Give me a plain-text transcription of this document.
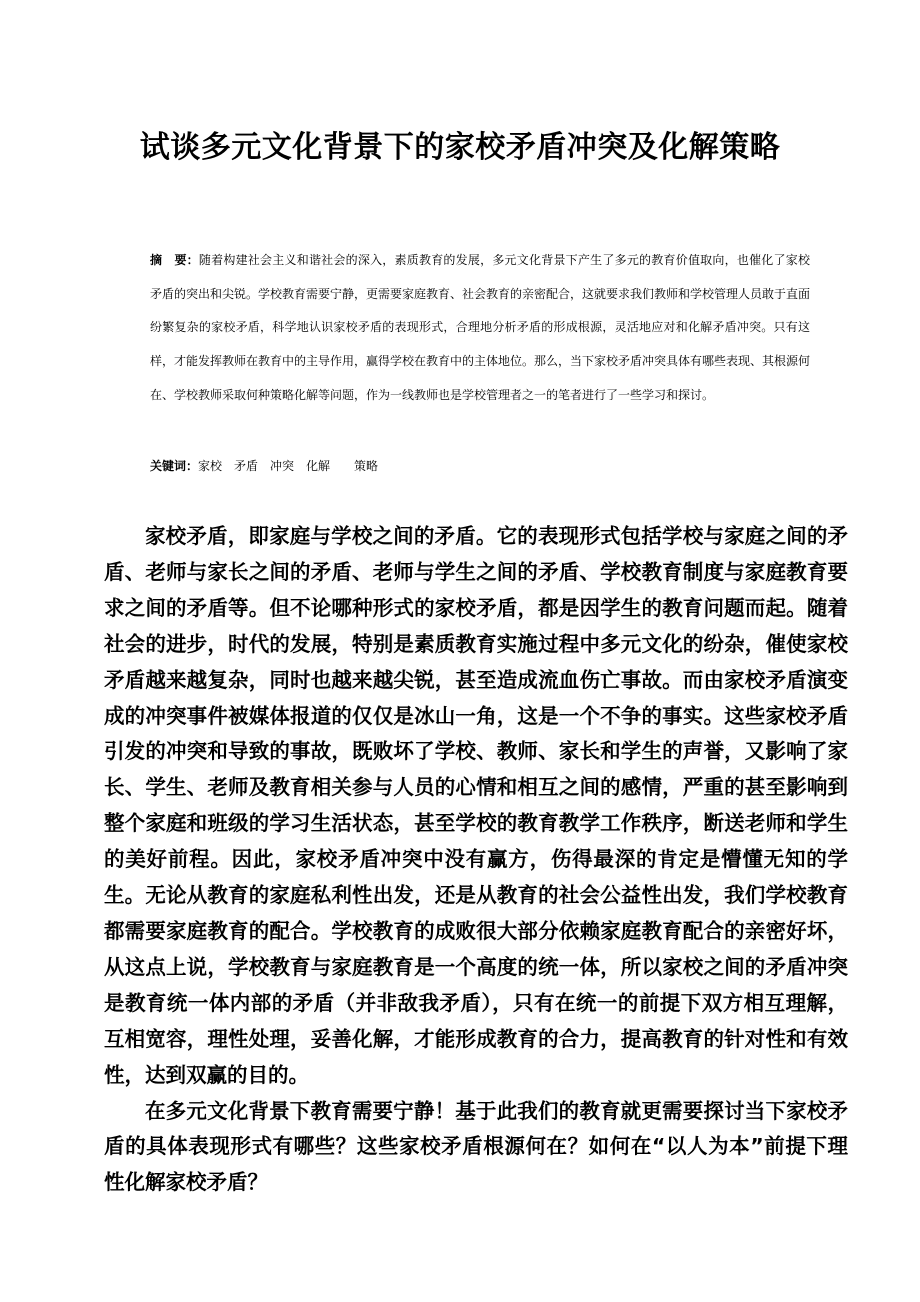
试谈多元文化背景下的家校矛盾冲突及化解策略

摘　要：随着构建社会主义和谐社会的深入，素质教育的发展，多元文化背景下产生了多元的教育价值取向，也催化了家校矛盾的突出和尖锐。学校教育需要宁静，更需要家庭教育、社会教育的亲密配合，这就要求我们教师和学校管理人员敢于直面纷繁复杂的家校矛盾，科学地认识家校矛盾的表现形式，合理地分析矛盾的形成根源，灵活地应对和化解矛盾冲突。只有这样，才能发挥教师在教育中的主导作用，赢得学校在教育中的主体地位。那么，当下家校矛盾冲突具体有哪些表现、其根源何在、学校教师采取何种策略化解等问题，作为一线教师也是学校管理者之一的笔者进行了一些学习和探讨。

关键词：家校　矛盾　冲突　化解　　策略

家校矛盾，即家庭与学校之间的矛盾。它的表现形式包括学校与家庭之间的矛盾、老师与家长之间的矛盾、老师与学生之间的矛盾、学校教育制度与家庭教育要求之间的矛盾等。但不论哪种形式的家校矛盾，都是因学生的教育问题而起。随着社会的进步，时代的发展，特别是素质教育实施过程中多元文化的纷杂，催使家校矛盾越来越复杂，同时也越来越尖锐，甚至造成流血伤亡事故。而由家校矛盾演变成的冲突事件被媒体报道的仅仅是冰山一角，这是一个不争的事实。这些家校矛盾引发的冲突和导致的事故，既败坏了学校、教师、家长和学生的声誉，又影响了家长、学生、老师及教育相关参与人员的心情和相互之间的感情，严重的甚至影响到整个家庭和班级的学习生活状态，甚至学校的教育教学工作秩序，断送老师和学生的美好前程。因此，家校矛盾冲突中没有赢方，伤得最深的肯定是懵懂无知的学生。无论从教育的家庭私利性出发，还是从教育的社会公益性出发，我们学校教育都需要家庭教育的配合。学校教育的成败很大部分依赖家庭教育配合的亲密好坏，从这点上说，学校教育与家庭教育是一个高度的统一体，所以家校之间的矛盾冲突是教育统一体内部的矛盾（并非敌我矛盾），只有在统一的前提下双方相互理解，互相宽容，理性处理，妥善化解，才能形成教育的合力，提高教育的针对性和有效性，达到双赢的目的。

在多元文化背景下教育需要宁静！基于此我们的教育就更需要探讨当下家校矛盾的具体表现形式有哪些？这些家校矛盾根源何在？如何在“以人为本”前提下理性化解家校矛盾？
